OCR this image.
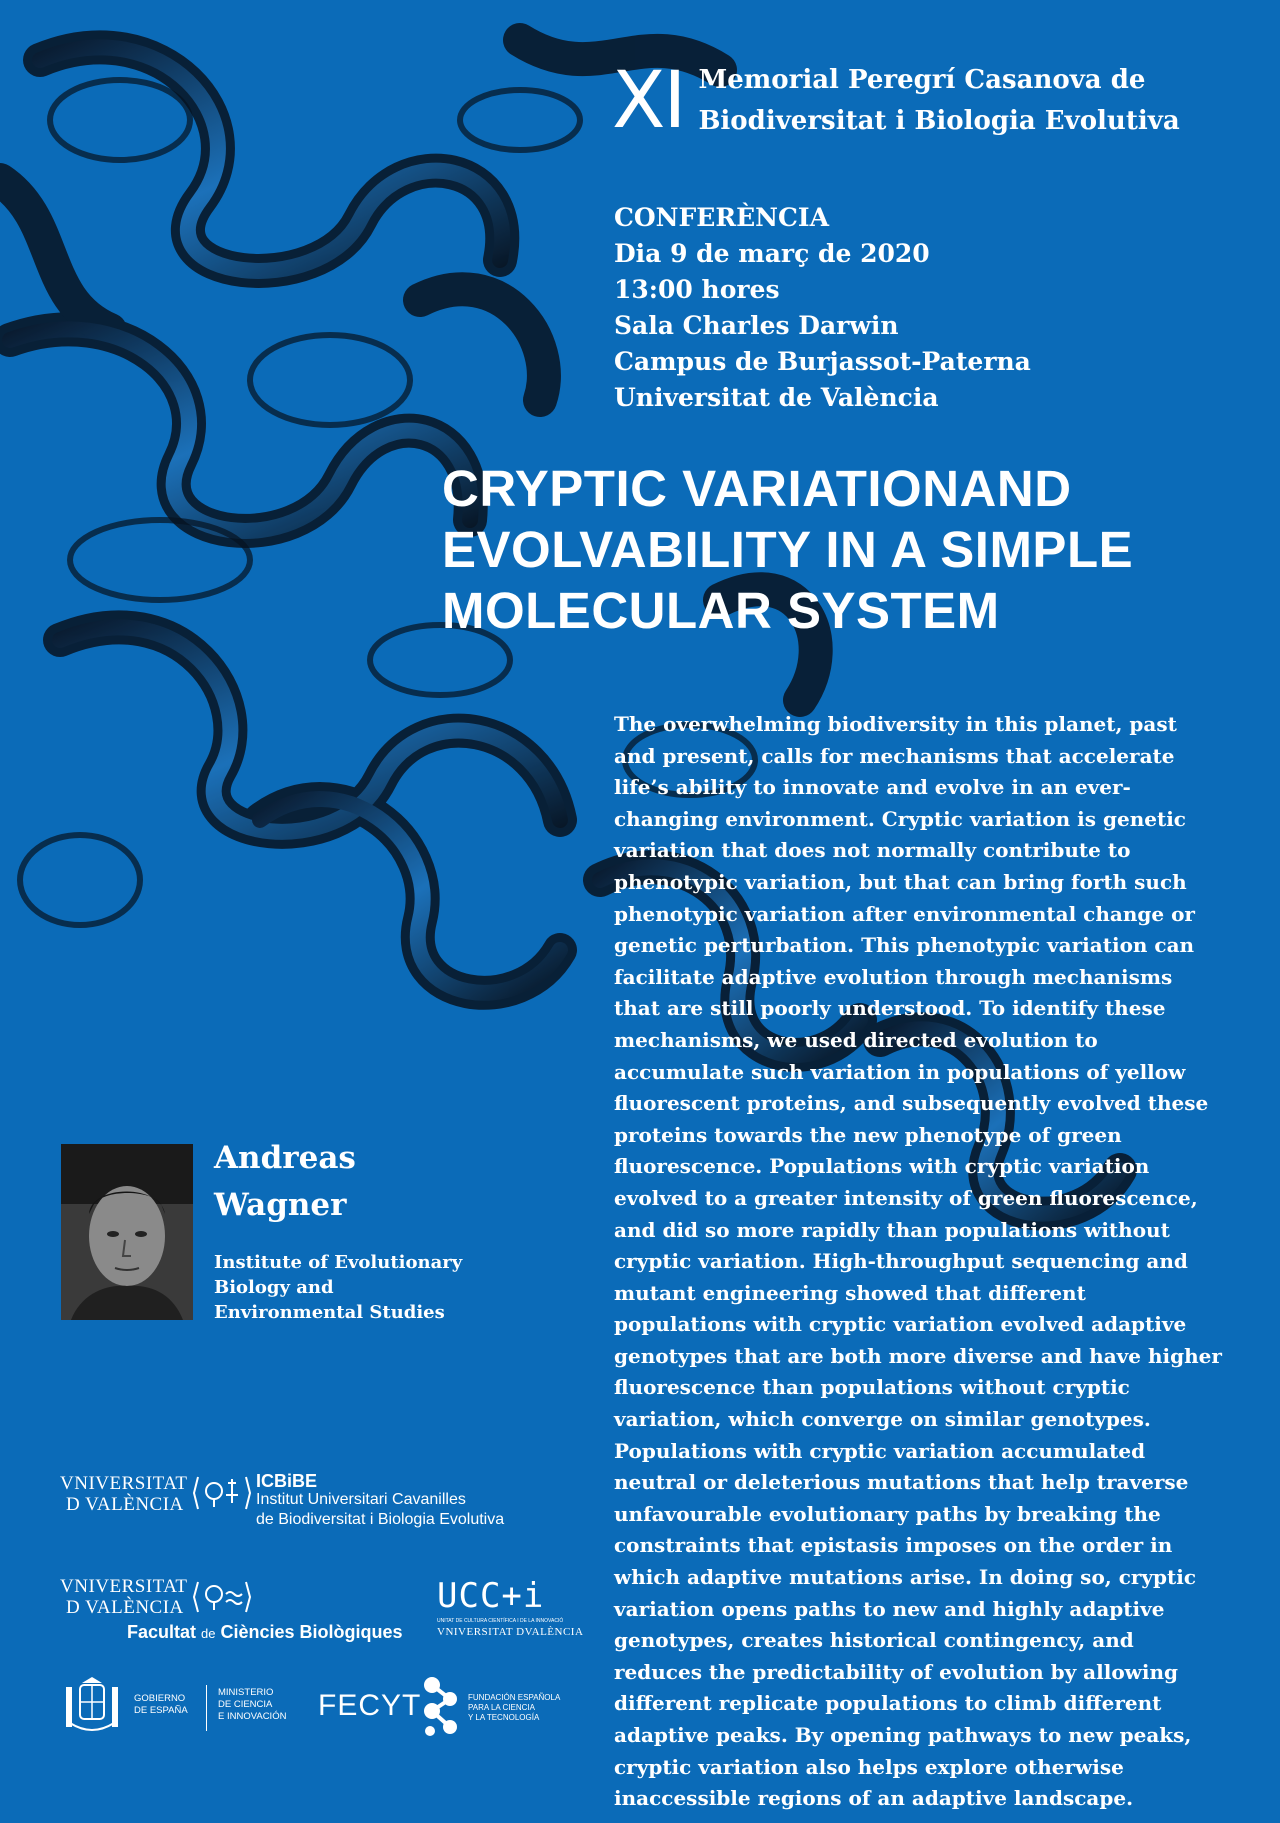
XI Memorial Peregrí Casanova de
Biodiversitat i Biologia Evolutiva
CONFERÈNCIA
Dia 9 de març de 2020
13:00 hores
Sala Charles Darwin
Campus de Burjassot-Paterna
Universitat de València
CRYPTIC VARIATIONAND
EVOLVABILITY IN A SIMPLE
MOLECULAR SYSTEM
The overwhelming biodiversity in this planet, past and present, calls for mechanisms that accelerate life’s ability to innovate and evolve in an ever-changing environment. Cryptic variation is genetic variation that does not normally contribute to phenotypic variation, but that can bring forth such phenotypic variation after environmental change or genetic perturbation. This phenotypic variation can facilitate adaptive evolution through mechanisms that are still poorly understood. To identify these mechanisms, we used directed evolution to accumulate such variation in populations of yellow fluorescent proteins, and subsequently evolved these proteins towards the new phenotype of green fluorescence. Populations with cryptic variation evolved to a greater intensity of green fluorescence, and did so more rapidly than populations without cryptic variation. High-throughput sequencing and mutant engineering showed that different populations with cryptic variation evolved adaptive genotypes that are both more diverse and have higher fluorescence than populations without cryptic variation, which converge on similar genotypes. Populations with cryptic variation accumulated neutral or deleterious mutations that help traverse unfavourable evolutionary paths by breaking the constraints that epistasis imposes on the order in which adaptive mutations arise. In doing so, cryptic variation opens paths to new and highly adaptive genotypes, creates historical contingency, and reduces the predictability of evolution by allowing different replicate populations to climb different adaptive peaks. By opening pathways to new peaks, cryptic variation also helps explore otherwise inaccessible regions of an adaptive landscape.
Andreas
Wagner
Institute of Evolutionary
Biology and
Environmental Studies
VNIVERSITAT
D VALÈNCIA
ICBiBE
Institut Universitari Cavanilles
de Biodiversitat i Biologia Evolutiva
VNIVERSITAT
D VALÈNCIA
Facultat de Ciències Biològiques
UCC+i
UNITAT DE CULTURA CIENTÍFICA I DE LA INNOVACIÓ
VNIVERSITAT DVALÈNCIA
GOBIERNO
DE ESPAÑA
MINISTERIO
DE CIENCIA
E INNOVACIÓN FECYT	FUNDACIÓN ESPAÑOLA
PARA LA CIENCIA
Y LA TECNOLOGÍA
